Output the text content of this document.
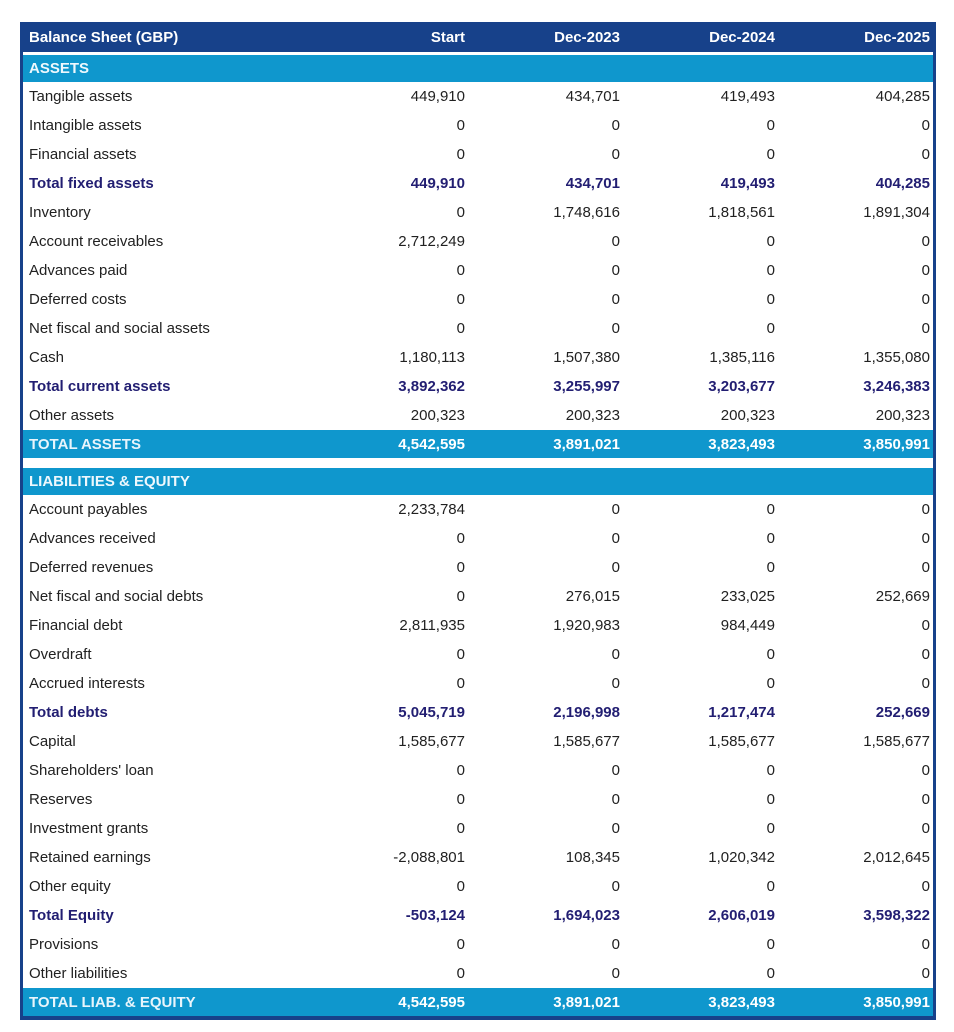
Balance Sheet (GBP)	Start	Dec-2023	Dec-2024	Dec-2025
ASSETS
Tangible assets	449,910	434,701	419,493	404,285
Intangible assets	0	0	0	0
Financial assets	0	0	0	0
Total fixed assets	449,910	434,701	419,493	404,285
Inventory	0	1,748,616	1,818,561	1,891,304
Account receivables	2,712,249	0	0	0
Advances paid	0	0	0	0
Deferred costs	0	0	0	0
Net fiscal and social assets	0	0	0	0
Cash	1,180,113	1,507,380	1,385,116	1,355,080
Total current assets	3,892,362	3,255,997	3,203,677	3,246,383
Other assets	200,323	200,323	200,323	200,323
TOTAL ASSETS	4,542,595	3,891,021	3,823,493	3,850,991
LIABILITIES & EQUITY
Account payables	2,233,784	0	0	0
Advances received	0	0	0	0
Deferred revenues	0	0	0	0
Net fiscal and social debts	0	276,015	233,025	252,669
Financial debt	2,811,935	1,920,983	984,449	0
Overdraft	0	0	0	0
Accrued interests	0	0	0	0
Total debts	5,045,719	2,196,998	1,217,474	252,669
Capital	1,585,677	1,585,677	1,585,677	1,585,677
Shareholders' loan	0	0	0	0
Reserves	0	0	0	0
Investment grants	0	0	0	0
Retained earnings	-2,088,801	108,345	1,020,342	2,012,645
Other equity	0	0	0	0
Total Equity	-503,124	1,694,023	2,606,019	3,598,322
Provisions	0	0	0	0
Other liabilities	0	0	0	0
TOTAL LIAB. & EQUITY	4,542,595	3,891,021	3,823,493	3,850,991
